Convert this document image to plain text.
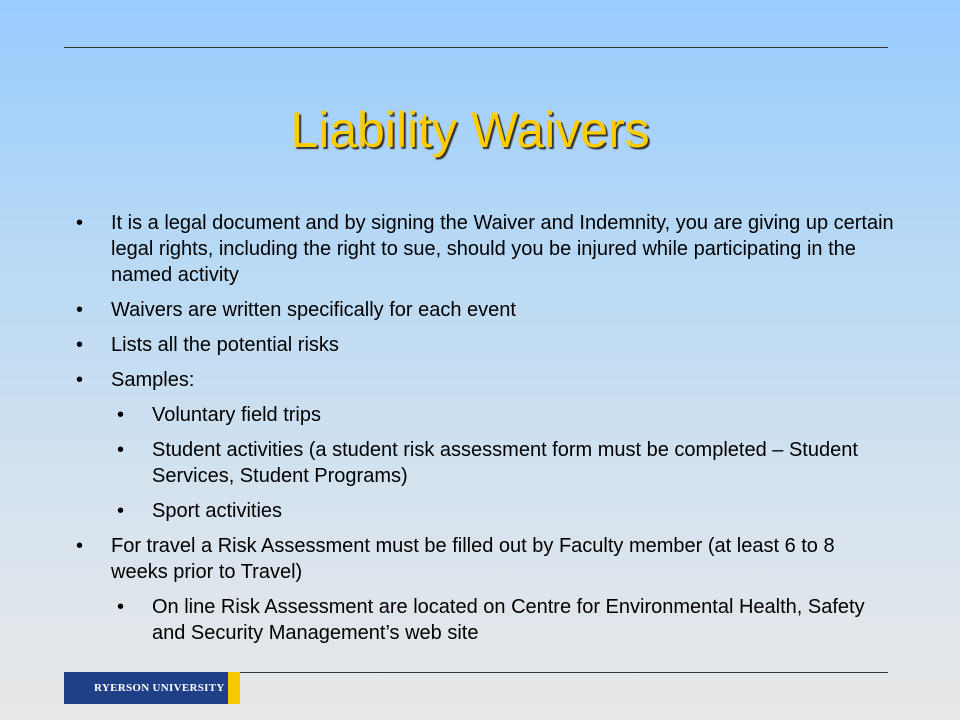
Liability Waivers
• It is a legal document and by signing the Waiver and Indemnity, you are giving up certain legal rights, including the right to sue, should you be injured while participating in the named activity
• Waivers are written specifically for each event
• Lists all the potential risks
• Samples:
• Voluntary field trips
• Student activities (a student risk assessment form must be completed – Student Services, Student Programs)
• Sport activities
• For travel a Risk Assessment must be filled out by Faculty member (at least 6 to 8 weeks prior to Travel)
• On line Risk Assessment are located on Centre for Environmental Health, Safety and Security Management’s web site
RYERSON UNIVERSITY
